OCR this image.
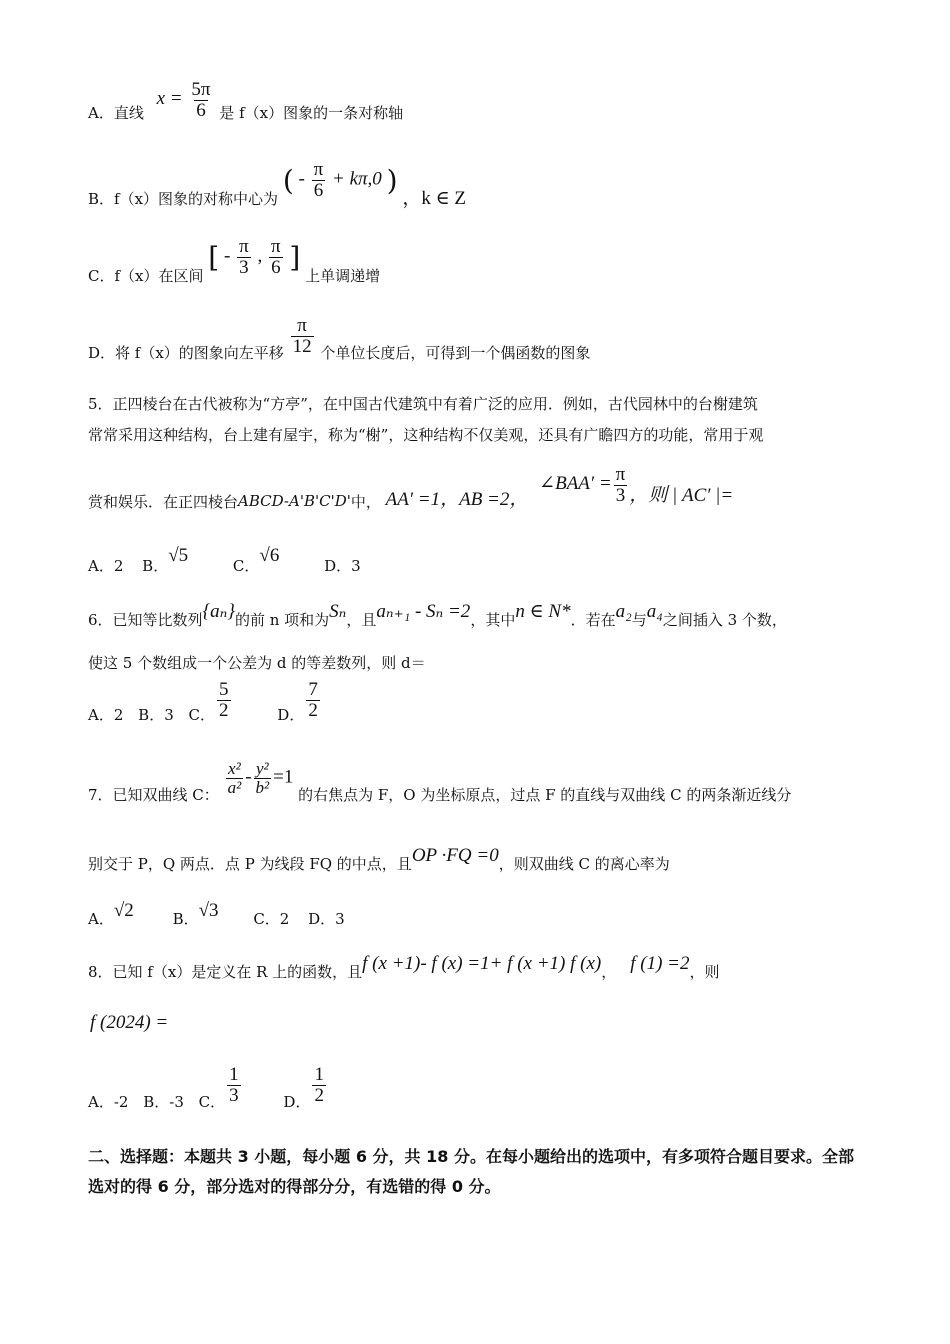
A．直线 $x = \frac{5\pi}{6}$ 是 f（x）图象的一条对称轴
B．f（x）图象的对称中心为 ( - $\frac{\pi}{6} + k\pi,0$ ) ，k ∈ Z
C．f（x）在区间 [ - $\frac{\pi}{3}$ , $\frac{\pi}{6}$ ] 上单调递增
D．将 f（x）的图象向左平移 $\frac{\pi}{12}$ 个单位长度后，可得到一个偶函数的图象
5．正四棱台在古代被称为“方亭”，在中国古代建筑中有着广泛的应用．例如，古代园林中的台榭建筑
常常采用这种结构，台上建有屋宇，称为“榭”，这种结构不仅美观，还具有广瞻四方的功能，常用于观
赏和娱乐．在正四棱台ABCD-A'B'C'D'中， AA′ =1，AB =2， ∠BAA′ = $\frac{\pi}{3}$ ，则 | AC′ |=
A．2 B．√5	C．√6	D．3
6．已知等比数列{aₙ}的前 n 项和为Sₙ，且aₙ₊₁ - Sₙ =2，其中n ∈ N*．若在a₂与a₄之间插入 3 个数，
使这 5 个数组成一个公差为 d 的等差数列，则 d＝
A．2 B．3 C． $\frac{5}{2}$	D． $\frac{7}{2}$
7．已知双曲线 C： $\frac{\text{x²}}{\text{a²}} - \frac{\text{y²}}{\text{b²}} =1$ 的右焦点为 F，O 为坐标原点，过点 F 的直线与双曲线 C 的两条渐近线分
别交于 P，Q 两点．点 P 为线段 FQ 的中点，且OP ·FQ =0，则双曲线 C 的离心率为
A．√2	B．√3 C．2 D．3
8．已知 f（x）是定义在 R 上的函数，且f (x +1)- f (x) =1+ f (x +1) f (x)， f (1) =2，则
f (2024) =
A．-2 B．-3 C． $\frac{1}{3}$	D． $\frac{1}{2}$
二、选择题：本题共 3 小题，每小题 6 分，共 18 分。在每小题给出的选项中，有多项符合题目要求。全部选对的得 6 分，部分选对的得部分分，有选错的得 0 分。
